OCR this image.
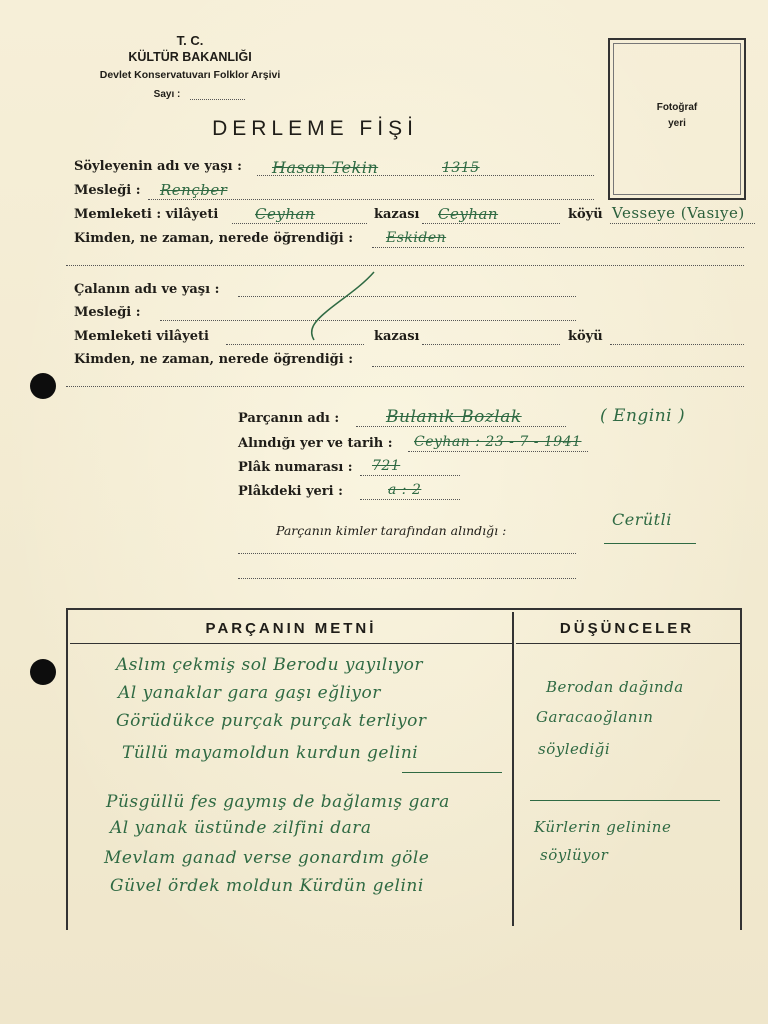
T. C.
KÜLTÜR BAKANLIĞI
Devlet Konservatuvarı Folklor Arşivi
Sayı :
DERLEME FİŞİ
Fotoğraf
yeri
Söyleyenin adı ve yaşı : Hasan Tekin	1315
Mesleği : Rençber
Memleketi : vilâyeti Ceyhan	kazası Ceyhan	köyü Vesseye (Vasıye)
Kimden, ne zaman, nerede öğrendiği : Eskiden
Çalanın adı ve yaşı :
Mesleği :
Memleketi vilâyeti	kazası	köyü
Kimden, ne zaman, nerede öğrendiği :
Parçanın adı :	Bulanık Bozlak	( Engini )
Alındığı yer ve tarih : Ceyhan : 23 - 7 - 1941
Plâk numarası : 721
Plâkdeki yeri :	a : 2
Parçanın kimler tarafından alındığı :
Cerütli
PARÇANIN METNİ	DÜŞÜNCELER
Aslım çekmiş sol Berodu yayılıyor
Al yanaklar gara gaşı eğliyor
Görüdükce purçak purçak terliyor
Tüllü mayamoldun kurdun gelini
Püsgüllü fes gaymış de bağlamış gara
Al yanak üstünde zilfini dara
Mevlam ganad verse gonardım göle
Güvel ördek moldun Kürdün gelini
Berodan dağında
Garacaoğlanın
söylediği
Kürlerin gelinine
söylüyor
